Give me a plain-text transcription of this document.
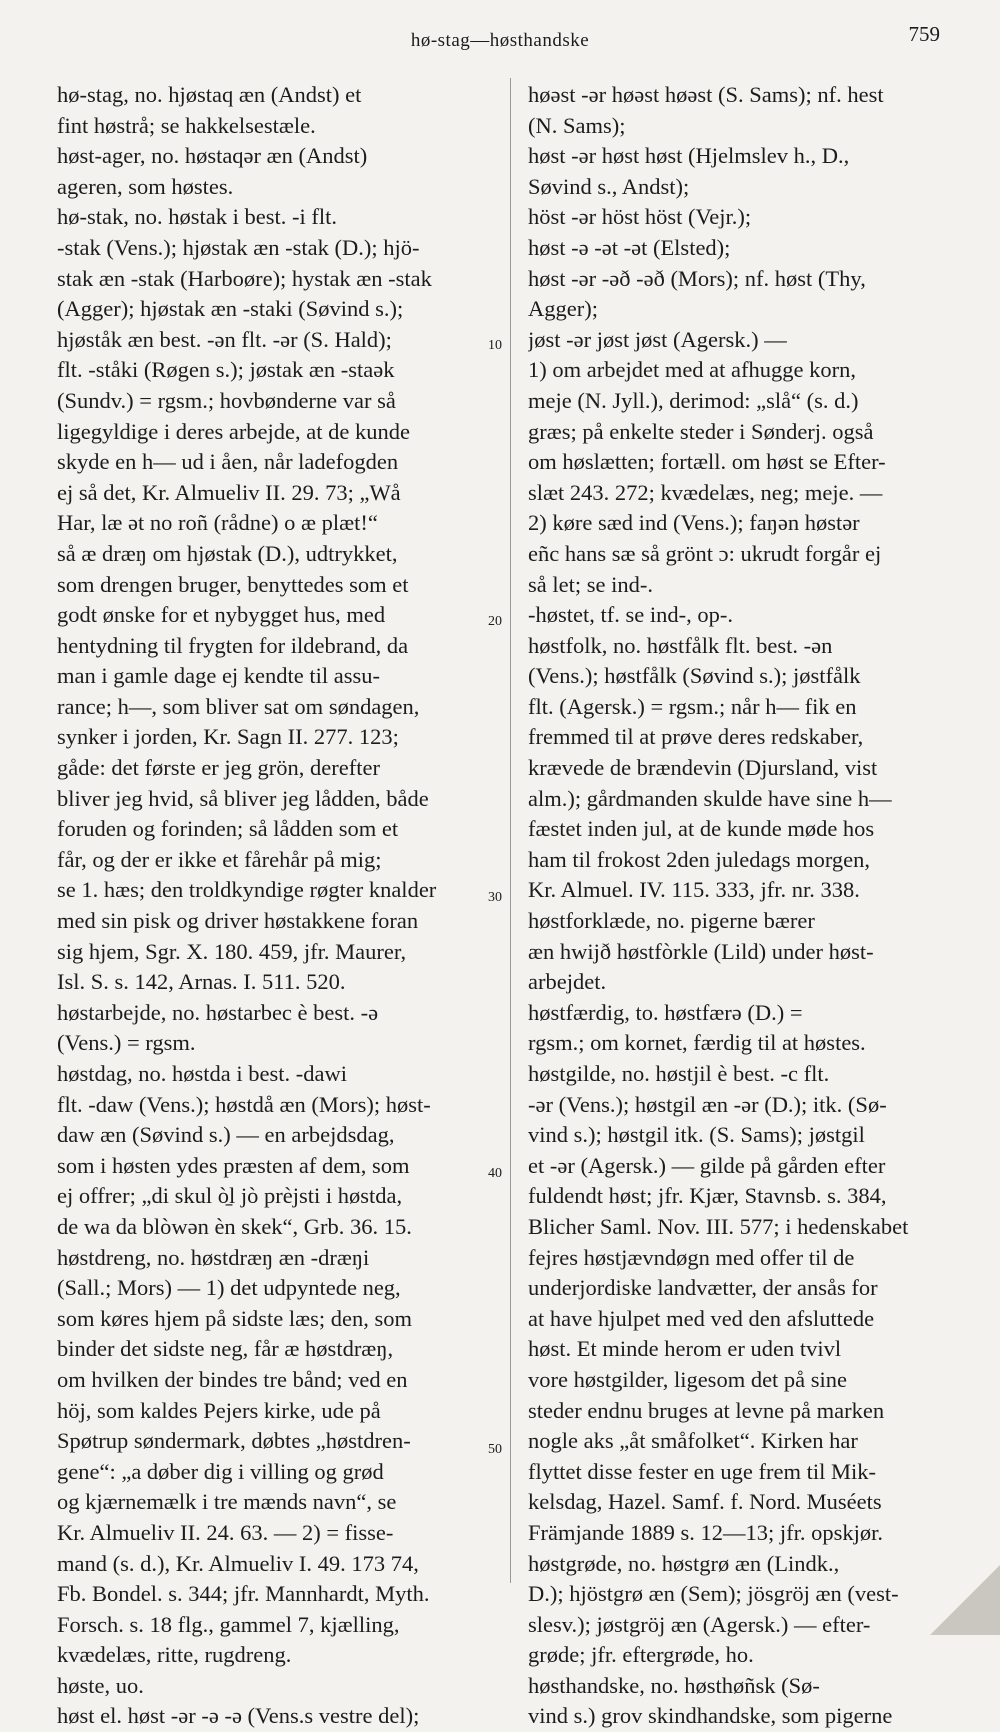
hø-stag—høsthandske	759
hø-stag, no. hjøstaq æn (Andst) et
fint høstrå; se hakkelsestæle.
høst-ager, no. høstaqər æn (Andst)
ageren, som høstes.
hø-stak, no. høstak i best. -i flt.
-stak (Vens.); hjøstak æn -stak (D.); hjö-
stak æn -stak (Harboøre); hystak æn -stak
(Agger); hjøstak æn -staki (Søvind s.);
hjøståk æn best. -ən flt. -ər (S. Hald);
flt. -ståki (Røgen s.); jøstak æn -staək
(Sundv.) = rgsm.; hovbønderne var så
ligegyldige i deres arbejde, at de kunde
skyde en h— ud i åen, når ladefogden
ej så det, Kr. Almueliv II. 29. 73; „Wå
Har, læ ət no roñ (rådne) o æ plæt!“
så æ dræŋ om hjøstak (D.), udtrykket,
som drengen bruger, benyttedes som et
godt ønske for et nybygget hus, med
hentydning til frygten for ildebrand, da
man i gamle dage ej kendte til assu-
rance; h—, som bliver sat om søndagen,
synker i jorden, Kr. Sagn II. 277. 123;
gåde: det første er jeg grön, derefter
bliver jeg hvid, så bliver jeg lådden, både
foruden og forinden; så lådden som et
får, og der er ikke et fårehår på mig;
se 1. hæs; den troldkyndige røgter knalder
med sin pisk og driver høstakkene foran
sig hjem, Sgr. X. 180. 459, jfr. Maurer,
Isl. S. s. 142, Arnas. I. 511. 520.
høstarbejde, no. høstarbec è best. -ə
(Vens.) = rgsm.
høstdag, no. høstda i best. -dawi
flt. -daw (Vens.); høstdå æn (Mors); høst-
daw æn (Søvind s.) — en arbejdsdag,
som i høsten ydes præsten af dem, som
ej offrer; „di skul ò̱l jò prèjsti i høstda,
de wa da blòwən èn skek“, Grb. 36. 15.
høstdreng, no. høstdræŋ æn -dræŋi
(Sall.; Mors) — 1) det udpyntede neg,
som køres hjem på sidste læs; den, som
binder det sidste neg, får æ høstdræŋ,
om hvilken der bindes tre bånd; ved en
höj, som kaldes Pejers kirke, ude på
Spøtrup søndermark, døbtes „høstdren-
gene“: „a døber dig i villing og grød
og kjærnemælk i tre mænds navn“, se
Kr. Almueliv II. 24. 63. — 2) = fisse-
mand (s. d.), Kr. Almueliv I. 49. 173 74,
Fb. Bondel. s. 344; jfr. Mannhardt, Myth.
Forsch. s. 18 flg., gammel 7, kjælling,
kvædelæs, ritte, rugdreng.
høste, uo.
høst el. høst -ər -ə -ə (Vens.s vestre del);
høəst -ər høəst høəst (S. Sams); nf. hest
(N. Sams);
høst -ər høst høst (Hjelmslev h., D.,
Søvind s., Andst);
höst -ər höst höst (Vejr.);
høst -ə -ət -ət (Elsted);
høst -ər -əð -əð (Mors); nf. høst (Thy,
Agger);
jøst -ər jøst jøst (Agersk.) —
1) om arbejdet med at afhugge korn,
meje (N. Jyll.), derimod: „slå“ (s. d.)
græs; på enkelte steder i Sønderj. også
om høslætten; fortæll. om høst se Efter-
slæt 243. 272; kvædelæs, neg; meje. —
2) køre sæd ind (Vens.); faŋən høstər
eñc hans sæ så grönt ɔ: ukrudt forgår ej
så let; se ind-.
-høstet, tf. se ind-, op-.
høstfolk, no. høstfålk flt. best. -ən
(Vens.); høstfålk (Søvind s.); jøstfålk
flt. (Agersk.) = rgsm.; når h— fik en
fremmed til at prøve deres redskaber,
krævede de brændevin (Djursland, vist
alm.); gårdmanden skulde have sine h—
fæstet inden jul, at de kunde møde hos
ham til frokost 2den juledags morgen,
Kr. Almuel. IV. 115. 333, jfr. nr. 338.
høstforklæde, no. pigerne bærer
æn hwijð høstfòrkle (Lild) under høst-
arbejdet.
høstfærdig, to. høstfærə (D.) =
rgsm.; om kornet, færdig til at høstes.
høstgilde, no. høstjil è best. -c flt.
-ər (Vens.); høstgil æn -ər (D.); itk. (Sø-
vind s.); høstgil itk. (S. Sams); jøstgil
et -ər (Agersk.) — gilde på gården efter
fuldendt høst; jfr. Kjær, Stavnsb. s. 384,
Blicher Saml. Nov. III. 577; i hedenskabet
fejres høstjævndøgn med offer til de
underjordiske landvætter, der ansås for
at have hjulpet med ved den afsluttede
høst. Et minde herom er uden tvivl
vore høstgilder, ligesom det på sine
steder endnu bruges at levne på marken
nogle aks „åt småfolket“. Kirken har
flyttet disse fester en uge frem til Mik-
kelsdag, Hazel. Samf. f. Nord. Muséets
Främjande 1889 s. 12—13; jfr. opskjør.
høstgrøde, no. høstgrø æn (Lindk.,
D.); hjöstgrø æn (Sem); jösgröj æn (vest-
slesv.); jøstgröj æn (Agersk.) — efter-
grøde; jfr. eftergrøde, ho.
høsthandske, no. høsthøñsk (Sø-
vind s.) grov skindhandske, som pigerne
10
20
30
40
50
